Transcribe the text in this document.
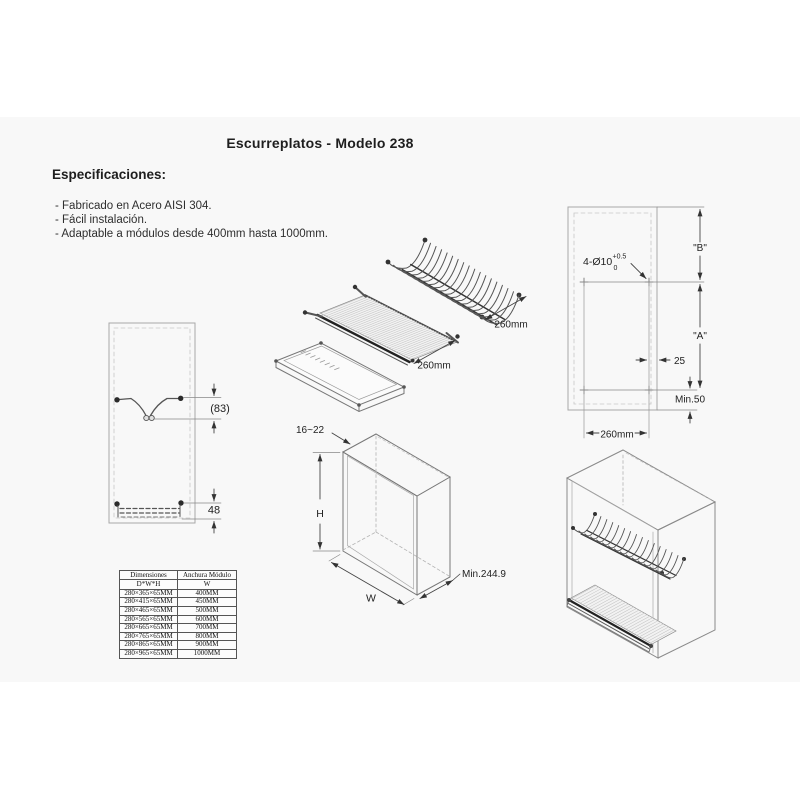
Escurreplatos - Modelo 238
Especificaciones:
- Fabricado en Acero AISI 304.
- Fácil instalación.
- Adaptable a módulos desde 400mm hasta 1000mm.
(83)
48
260mm
260mm
"B"
"A"
25
Min.50
260mm
4-Ø10 +0.5
0
16~22
H
W
Min.244.9
Dimensiones	Anchura Módulo
D*W*H	W
280×365×65MM	400MM
280×415×65MM	450MM
280×465×65MM	500MM
280×565×65MM	600MM
280×665×65MM	700MM
280×765×65MM	800MM
280×865×65MM	900MM
280×965×65MM	1000MM
